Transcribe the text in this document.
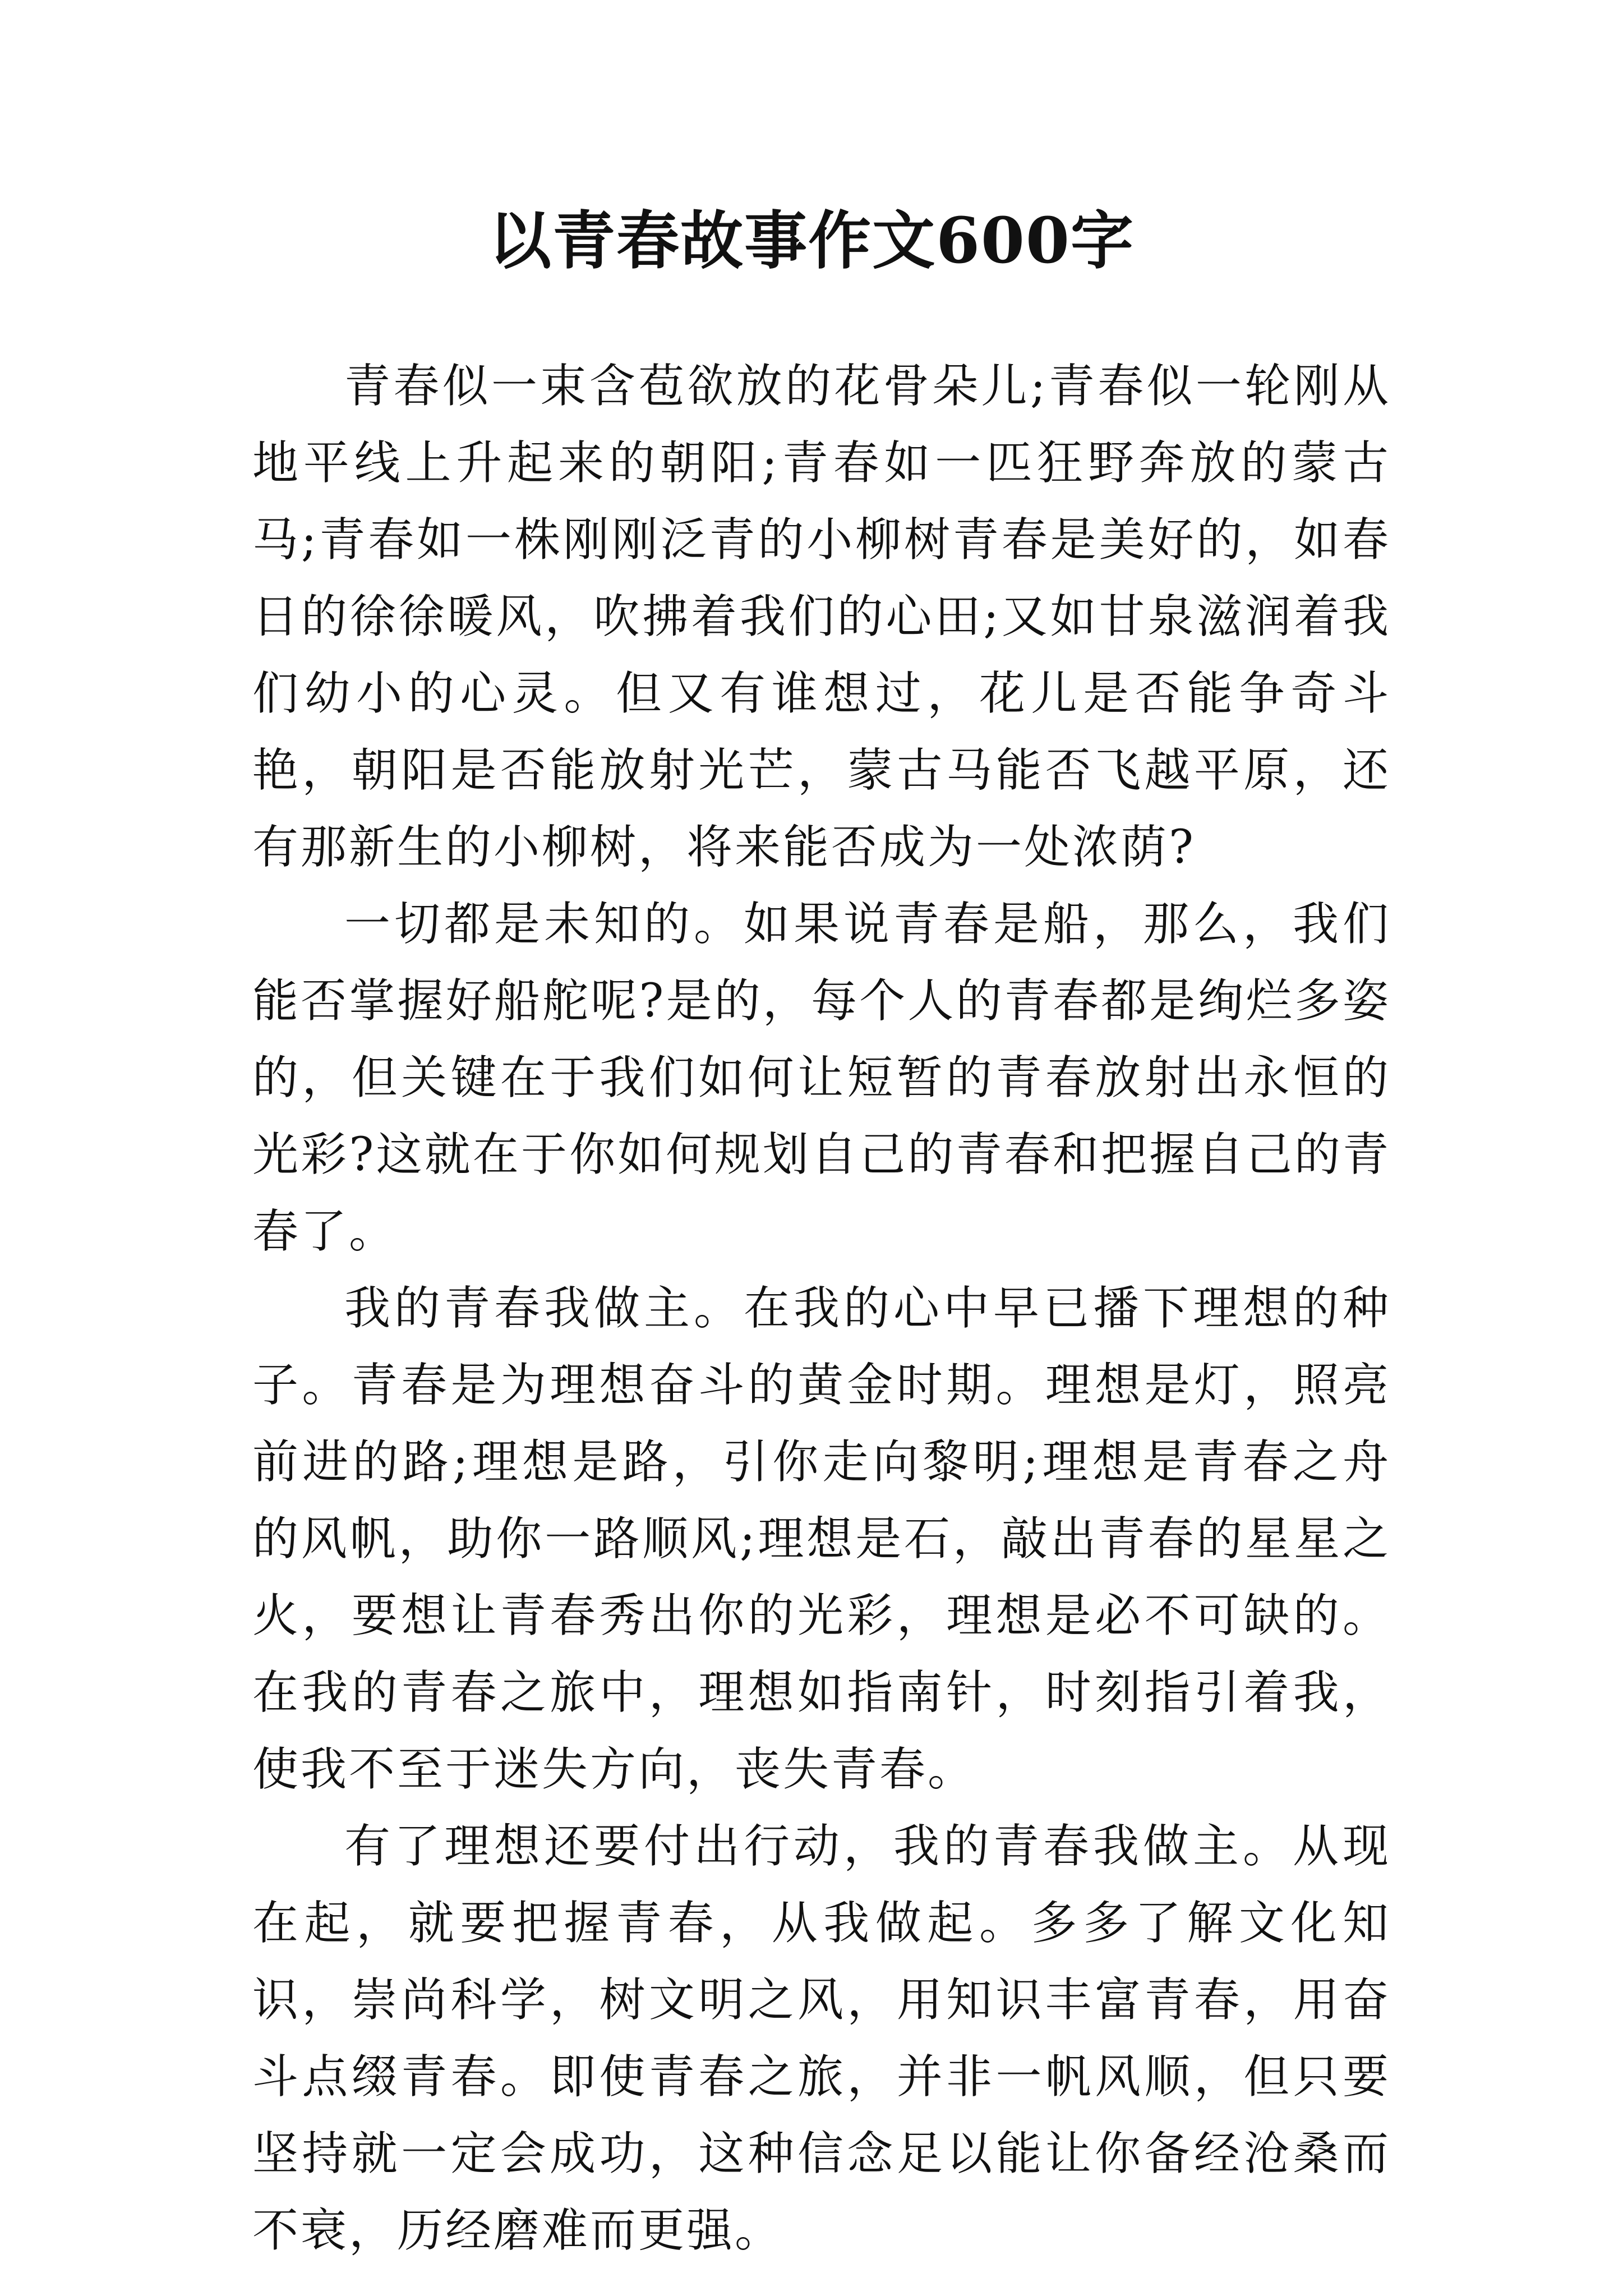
以青春故事作文600字

青春似一束含苞欲放的花骨朵儿;青春似一轮刚从地平线上升起来的朝阳;青春如一匹狂野奔放的蒙古马;青春如一株刚刚泛青的小柳树青春是美好的，如春日的徐徐暖风，吹拂着我们的心田;又如甘泉滋润着我们幼小的心灵。但又有谁想过，花儿是否能争奇斗艳，朝阳是否能放射光芒，蒙古马能否飞越平原，还有那新生的小柳树，将来能否成为一处浓荫?

一切都是未知的。如果说青春是船，那么，我们能否掌握好船舵呢?是的，每个人的青春都是绚烂多姿的，但关键在于我们如何让短暂的青春放射出永恒的光彩?这就在于你如何规划自己的青春和把握自己的青春了。

我的青春我做主。在我的心中早已播下理想的种子。青春是为理想奋斗的黄金时期。理想是灯，照亮前进的路;理想是路，引你走向黎明;理想是青春之舟的风帆，助你一路顺风;理想是石，敲出青春的星星之火，要想让青春秀出你的光彩，理想是必不可缺的。在我的青春之旅中，理想如指南针，时刻指引着我，使我不至于迷失方向，丧失青春。

有了理想还要付出行动，我的青春我做主。从现在起，就要把握青春，从我做起。多多了解文化知识，崇尚科学，树文明之风，用知识丰富青春，用奋斗点缀青春。即使青春之旅，并非一帆风顺，但只要坚持就一定会成功，这种信念足以能让你备经沧桑而不衰，历经磨难而更强。
